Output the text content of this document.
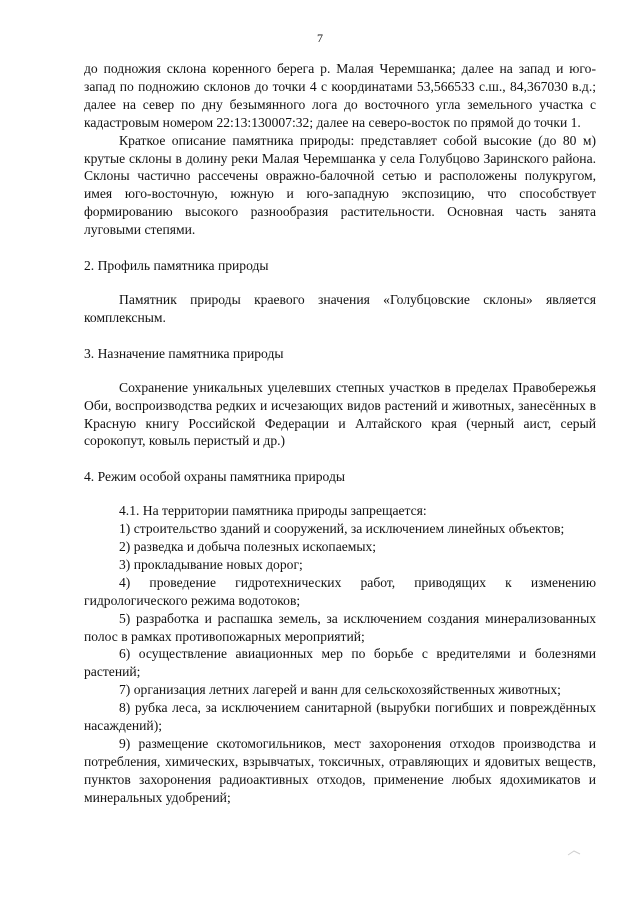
7

до подножия склона коренного берега р. Малая Черемшанка; далее на запад и юго-запад по подножию склонов до точки 4 с координатами 53,566533 с.ш., 84,367030 в.д.; далее на север по дну безымянного лога до восточного угла земельного участка с кадастровым номером 22:13:130007:32; далее на северо-восток по прямой до точки 1.

Краткое описание памятника природы: представляет собой высокие (до 80 м) крутые склоны в долину реки Малая Черемшанка у села Голубцово Заринского района. Склоны частично рассечены овражно-балочной сетью и расположены полукругом, имея юго-восточную, южную и юго-западную экспозицию, что способствует формированию высокого разнообразия растительности. Основная часть занята луговыми степями.

2. Профиль памятника природы

Памятник природы краевого значения «Голубцовские склоны» является комплексным.

3. Назначение памятника природы

Сохранение уникальных уцелевших степных участков в пределах Правобережья Оби, воспроизводства редких и исчезающих видов растений и животных, занесённых в Красную книгу Российской Федерации и Алтайского края (черный аист, серый сорокопут, ковыль перистый и др.)

4. Режим особой охраны памятника природы

4.1. На территории памятника природы запрещается:

1) строительство зданий и сооружений, за исключением линейных объектов;

2) разведка и добыча полезных ископаемых;

3) прокладывание новых дорог;

4) проведение гидротехнических работ, приводящих к изменению гидрологического режима водотоков;

5) разработка и распашка земель, за исключением создания минерализованных полос в рамках противопожарных мероприятий;

6) осуществление авиационных мер по борьбе с вредителями и болезнями растений;

7) организация летних лагерей и ванн для сельскохозяйственных животных;

8) рубка леса, за исключением санитарной (вырубки погибших и повреждённых насаждений);

9) размещение скотомогильников, мест захоронения отходов производства и потребления, химических, взрывчатых, токсичных, отравляющих и ядовитых веществ, пунктов захоронения радиоактивных отходов, применение любых ядохимикатов и минеральных удобрений;
